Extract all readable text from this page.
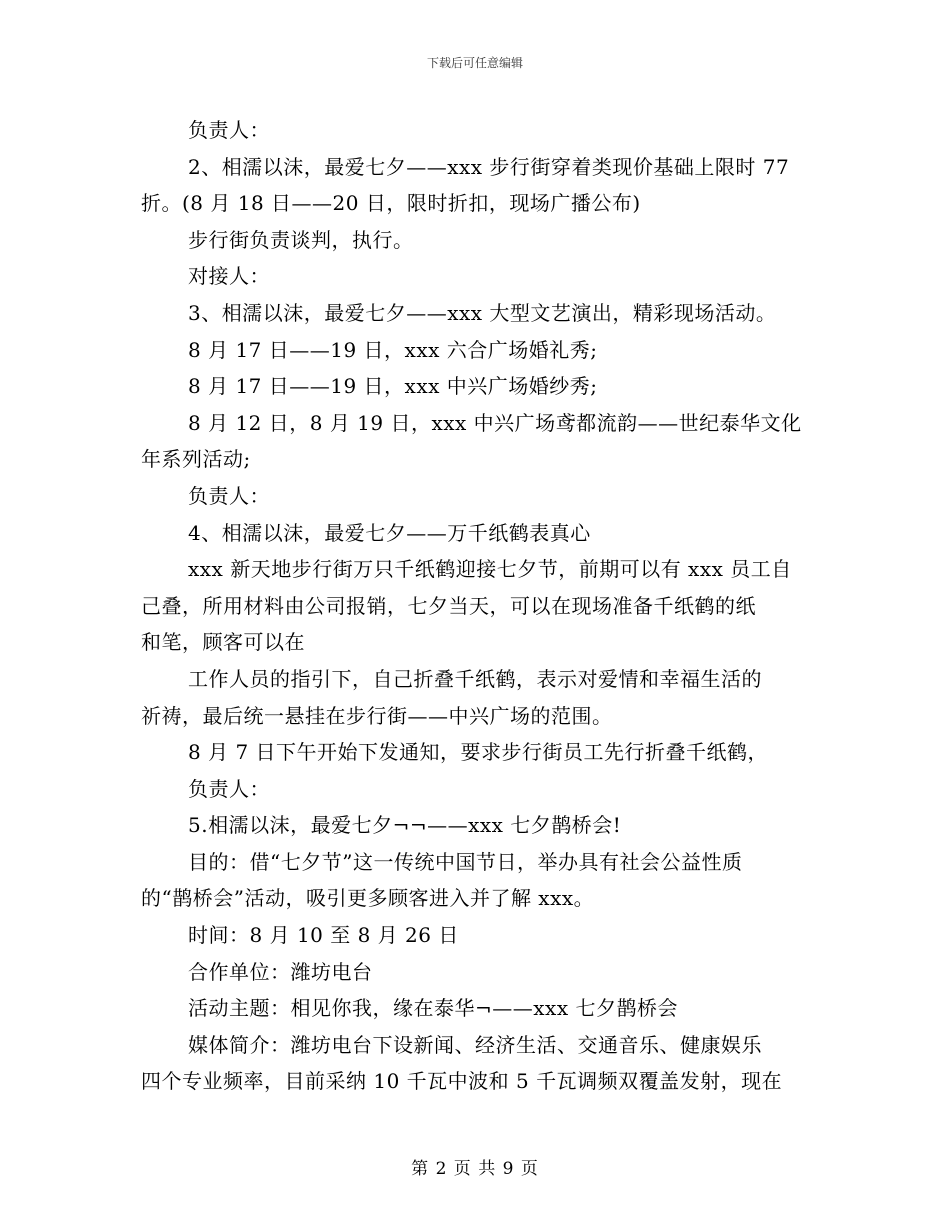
下载后可任意编辑

负责人：

2、相濡以沫，最爱七夕——xxx 步行街穿着类现价基础上限时 77

折。(8 月 18 日——20 日，限时折扣，现场广播公布)

步行街负责谈判，执行。

对接人：

3、相濡以沫，最爱七夕——xxx 大型文艺演出，精彩现场活动。

8 月 17 日——19 日，xxx 六合广场婚礼秀;

8 月 17 日——19 日，xxx 中兴广场婚纱秀;

8 月 12 日，8 月 19 日，xxx 中兴广场鸢都流韵——世纪泰华文化

年系列活动;

负责人：

4、相濡以沫，最爱七夕——万千纸鹤表真心

xxx 新天地步行街万只千纸鹤迎接七夕节，前期可以有 xxx 员工自

己叠，所用材料由公司报销，七夕当天，可以在现场准备千纸鹤的纸

和笔，顾客可以在

工作人员的指引下，自己折叠千纸鹤，表示对爱情和幸福生活的

祈祷，最后统一悬挂在步行街——中兴广场的范围。

8 月 7 日下午开始下发通知，要求步行街员工先行折叠千纸鹤，

负责人：

5.相濡以沫，最爱七夕¬¬——xxx 七夕鹊桥会!

目的：借“七夕节”这一传统中国节日，举办具有社会公益性质

的“鹊桥会”活动，吸引更多顾客进入并了解 xxx。

时间：8 月 10 至 8 月 26 日

合作单位：潍坊电台

活动主题：相见你我，缘在泰华¬——xxx 七夕鹊桥会

媒体简介：潍坊电台下设新闻、经济生活、交通音乐、健康娱乐

四个专业频率，目前采纳 10 千瓦中波和 5 千瓦调频双覆盖发射，现在

第 2 页 共 9 页
